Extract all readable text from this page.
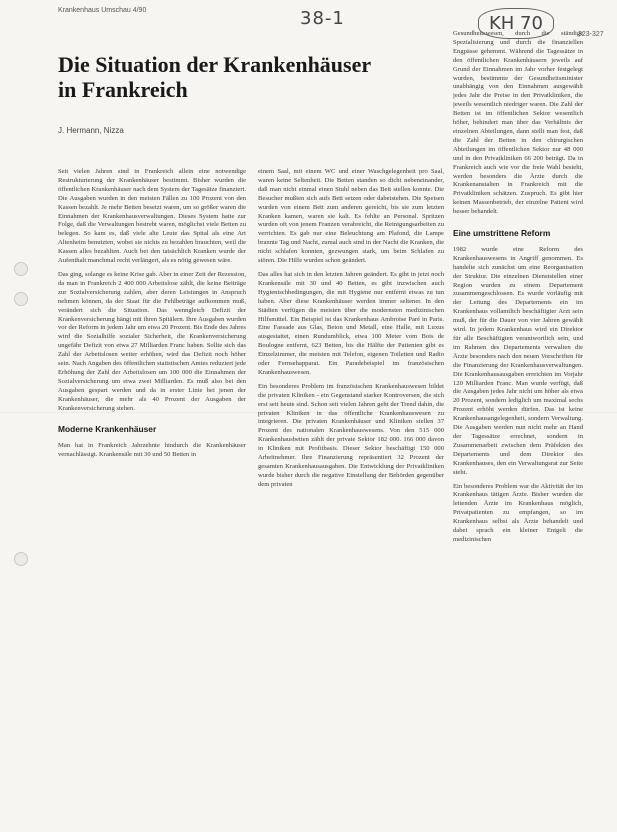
Krankenhaus Umschau 4/90	38-1	KH 70
323-327
Die Situation der Krankenhäuser in Frankreich
J. Hermann, Nizza

Seit vielen Jahren sind in Frankreich allein eine notwendige Restrukturierung der Krankenhäuser bestimmt. Bisher wurden die öffentlichen Krankenhäuser nach dem System der Tagesätze finanziert. Die Ausgaben wurden in den meisten Fällen zu 100 Prozent von den Kassen bezahlt. Je mehr Betten besetzt waren, um so größer waren die Einnahmen der Krankenhausverwaltungen. Dieses System hatte zur Folge, daß die Verwaltungen bestrebt waren, möglichst viele Betten zu belegen. So kam es, daß viele alte Leute das Spital als eine Art Altenheim benutzten, wobei sie nichts zu bezahlen brauchten, weil die Kassen alles bezahlten. Auch bei den tatsächlich Kranken wurde der Aufenthalt manchmal recht verlängert, als es nötig gewesen wäre.

Das ging, solange es keine Krise gab. Aber in einer Zeit der Rezession, da man in Frankreich 2 400 000 Arbeitslose zählt, die keine Beiträge zur Sozialversicherung zahlen, aber deren Leistungen in Anspruch nehmen können, da der Staat für die Fehlbeträge aufkommen muß, verändert sich die Situation. Das wenngleich Defizit der Krankenversicherung hängt mit ihren Spitälern. Ihre Ausgaben wurden vor der Reform in jedem Jahr um etwa 20 Prozent. Bis Ende des Jahres wird die Sozialhilfe sozialer Sicherheit, die Krankenversicherung ungefähr Defizit von etwa 27 Milliarden Franc haben. Sollte sich das Zahl der Arbeitslosen weiter erhöhen, wird das Defizit noch höher sein. Nach Angaben des öffentlichen statistischen Amtes reduziert jede Erhöhung der Zahl der Arbeitslosen um 100 000 die Einnahmen der Sozialversicherung um etwa zwei Milliarden. Es muß also bei den Ausgaben gespart werden und da in erster Linie bei jenen der Krankenhäuser, die mehr als 40 Prozent der Ausgaben der Krankenversicherung stehen.

Moderne Krankenhäuser

Man hat in Frankreich Jahrzehnte hindurch die Krankenhäuser vernachlässigt. Krankensäle mit 30 und 50 Betten in

einem Saal, mit einem WC und einer Waschgelegenheit pro Saal, waren keine Seltenheit. Die Betten standen so dicht nebeneinander, daß man nicht einmal einen Stuhl neben das Bett stellen konnte. Die Besucher mußten sich aufs Bett setzen oder dabeistehen. Die Speisen wurden von einem Bett zum anderen gereicht, bis sie zum letzten Kranken kamen, waren sie kalt. Es fehlte an Personal. Spritzen wurden oft von jenem Franzen verabreicht, die Reinigungsarbeiten zu verrichten. Es gab nur eine Beleuchtung am Plafond, die Lampe brannte Tag und Nacht, zumal auch sind in der Nacht die Kranken, die nicht schlafen konnten, gezwungen stark, um beim Schlafen zu stören. Die Hilfe wurden schon geändert.

Das alles hat sich in den letzten Jahren geändert. Es gibt in jetzt noch Krankensäle mit 30 und 40 Betten, es gibt inzwischen auch Hygienischbedingungen, die mit Hygiene nur entfernt etwas zu tun haben. Aber diese Krankenhäuser werden immer seltener. In den Städten verfügen die meisten über die modernsten medizinischen Hilfsmittel. Ein Beispiel ist das Krankenhaus Ambroise Paré in Paris. Eine Fassade aus Glas, Beton und Metall, eine Halle, mit Luxus ausgestattet, einen Rundumblick, etwa 100 Meter vom Bois de Boulogne entfernt, 623 Betten, bis die Hälfte der Patienten gibt es Einzelzimmer, die meisten mit Telefon, eigenen Toiletten und Radio oder Fernsehapparat. Ein Paradebeispiel im französischen Krankenhauswesen.

Ein besonderes Problem im französischen Krankenhauswesen bildet die privaten Kliniken - ein Gegenstand starker Kontroversen, die sich erst seit heute sind. Schon seit vielen Jahren geht der Trend dahin, die privaten Kliniken in das öffentliche Krankenhauswesen zu integrieren. Die privaten Krankenhäuser und Kliniken stellen 37 Prozent des nationalen Krankenhauswesens. Von den 515 000 Krankenhausbetten zählt der private Sektor 182 000. 166 000 davon in Kliniken mit Profitbasis. Dieser Sektor beschäftigt 150 000 Arbeitnehmer. Ihre Finanzierung repräsentiert 32 Prozent der gesamten Krankenhausausgaben. Die Entwicklung der Privatkliniken wurde bisher durch die negative Einstellung der Behörden gegenüber dem privaten

Gesundheitswesen, durch die ständige Spezialisierung und durch die finanziellen Engpässe gehemmt. Während die Tagessätze in den öffentlichen Krankenhäusern jeweils auf Grund der Einnahmen im Jahr vorher festgelegt wurden, bestimmte der Gesundheitsminister unabhängig von den Einnahmen ausgewählt jedes Jahr die Preise in den Privatkliniken, die jeweils wesentlich niedriger waren. Die Zahl der Betten ist im öffentlichen Sektor wesentlich höher, behindert man über das Verhältnis der einzelnen Abteilungen, dann stellt man fest, daß die Zahl der Betten in den chirurgischen Abteilungen im öffentlichen Sektor nur 48 000 und in den Privatkliniken 66 200 beträgt. Da in Frankreich auch wie vor die freie Wahl besteht, werden besonders die Ärzte durch die Krankenanstalten in Frankreich mit die Privatkliniken schätzen. Zuspruch. Es gibt hier keinen Massenbetrieb, der einzelne Patient wird besser behandelt.

Eine umstrittene Reform

1982 wurde eine Reform des Krankenhauswesens in Angriff genommen. Es handelte sich zunächst um eine Reorganisation der Struktur. Die einzelnen Dienststellen einer Region wurden zu einem Departement zusammengeschlossen. Es wurde vorläufig mit der Leitung des Departements ein im Krankenhaus vollamtlich beschäftigter Arzt sein muß, der für die Dauer von vier Jahren gewählt wird. In jedem Krankenhaus wird ein Direktor für alle Beschäftigten verantwortlich sein, und im Rahmen des Departements verwalten die Ärzte besonders nach den neuen Vorschriften für die Finanzierung der Krankenhausverwaltungen. Die Krankenhausausgaben erreichten im Vorjahr 120 Milliarden Franc. Man wurde verfügt, daß die Ausgaben jedes Jahr nicht um höher als etwa 20 Prozent, sondern lediglich um maximal sechs Prozent erhöht werden dürfen. Das ist keine Krankenhausangelegenheit, sondern Verwaltung. Die Ausgaben werden nun nicht mehr an Hand der Tagessätze errechnet, sondern in Zusammenarbeit zwischen dem Präfekten des Departements und dem Direktor des Krankenhauses, den ein Verwaltungsrat zur Seite steht.

Ein besonderes Problem war die Aktivität der im Krankenhaus tätigen Ärzte. Bisher wurden die leitenden Ärzte im Krankenhaus möglich, Privatpatienten zu empfangen, so im Krankenhaus selbst als Ärzte behandelt und dabei sprach ein kleiner Entgelt die medizinischen
